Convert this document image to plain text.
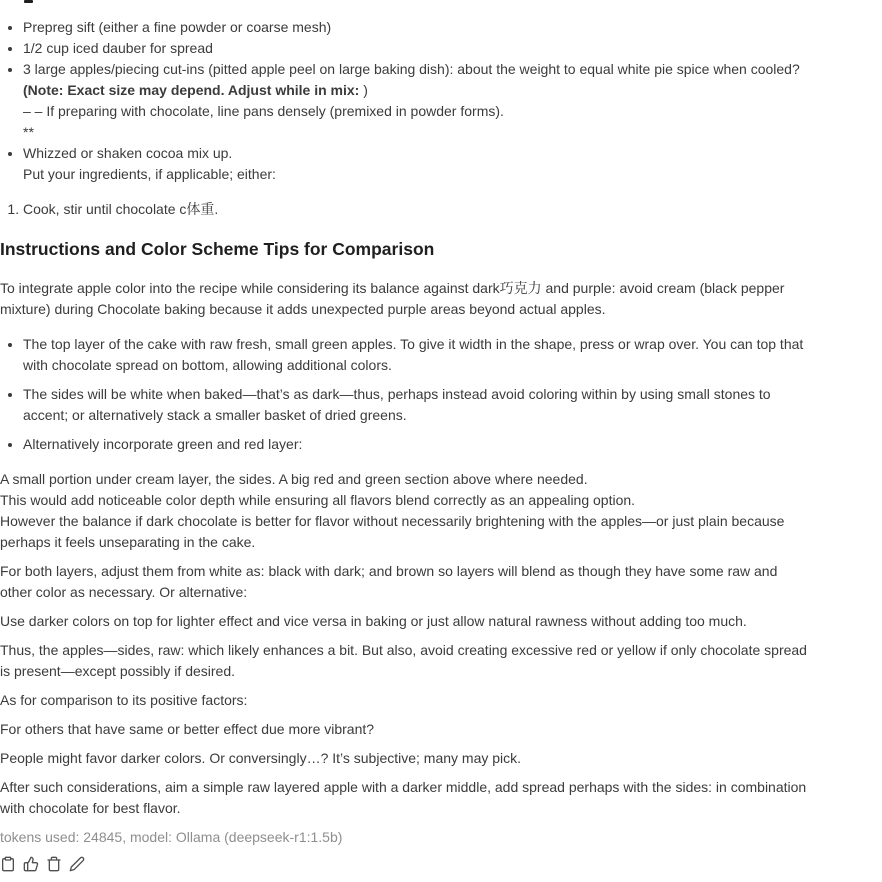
• Prepreg sift (either a fine powder or coarse mesh)
• 1/2 cup iced dauber for spread
• 3 large apples/piecing cut-ins (pitted apple peel on large baking dish): about the weight to equal white pie spice when cooled?
(Note: Exact size may depend. Adjust while in mix: )
– – If preparing with chocolate, line pans densely (premixed in powder forms).
**
• Whizzed or shaken cocoa mix up.
Put your ingredients, if applicable; either:
1. Cook, stir until chocolate c体重.
Instructions and Color Scheme Tips for Comparison

To integrate apple color into the recipe while considering its balance against dark巧克力 and purple: avoid cream (black pepper mixture) during Chocolate baking because it adds unexpected purple areas beyond actual apples.

• The top layer of the cake with raw fresh, small green apples. To give it width in the shape, press or wrap over. You can top that with chocolate spread on bottom, allowing additional colors.
• The sides will be white when baked—that’s as dark—thus, perhaps instead avoid coloring within by using small stones to accent; or alternatively stack a smaller basket of dried greens.
• Alternatively incorporate green and red layer:

A small portion under cream layer, the sides. A big red and green section above where needed.
This would add noticeable color depth while ensuring all flavors blend correctly as an appealing option.
However the balance if dark chocolate is better for flavor without necessarily brightening with the apples—or just plain because perhaps it feels unseparating in the cake.

For both layers, adjust them from white as: black with dark; and brown so layers will blend as though they have some raw and other color as necessary. Or alternative:

Use darker colors on top for lighter effect and vice versa in baking or just allow natural rawness without adding too much.

Thus, the apples—sides, raw: which likely enhances a bit. But also, avoid creating excessive red or yellow if only chocolate spread is present—except possibly if desired.

As for comparison to its positive factors:

For others that have same or better effect due more vibrant?

People might favor darker colors. Or conversingly…? It’s subjective; many may pick.

After such considerations, aim a simple raw layered apple with a darker middle, add spread perhaps with the sides: in combination with chocolate for best flavor.

tokens used: 24845, model: Ollama (deepseek-r1:1.5b)
